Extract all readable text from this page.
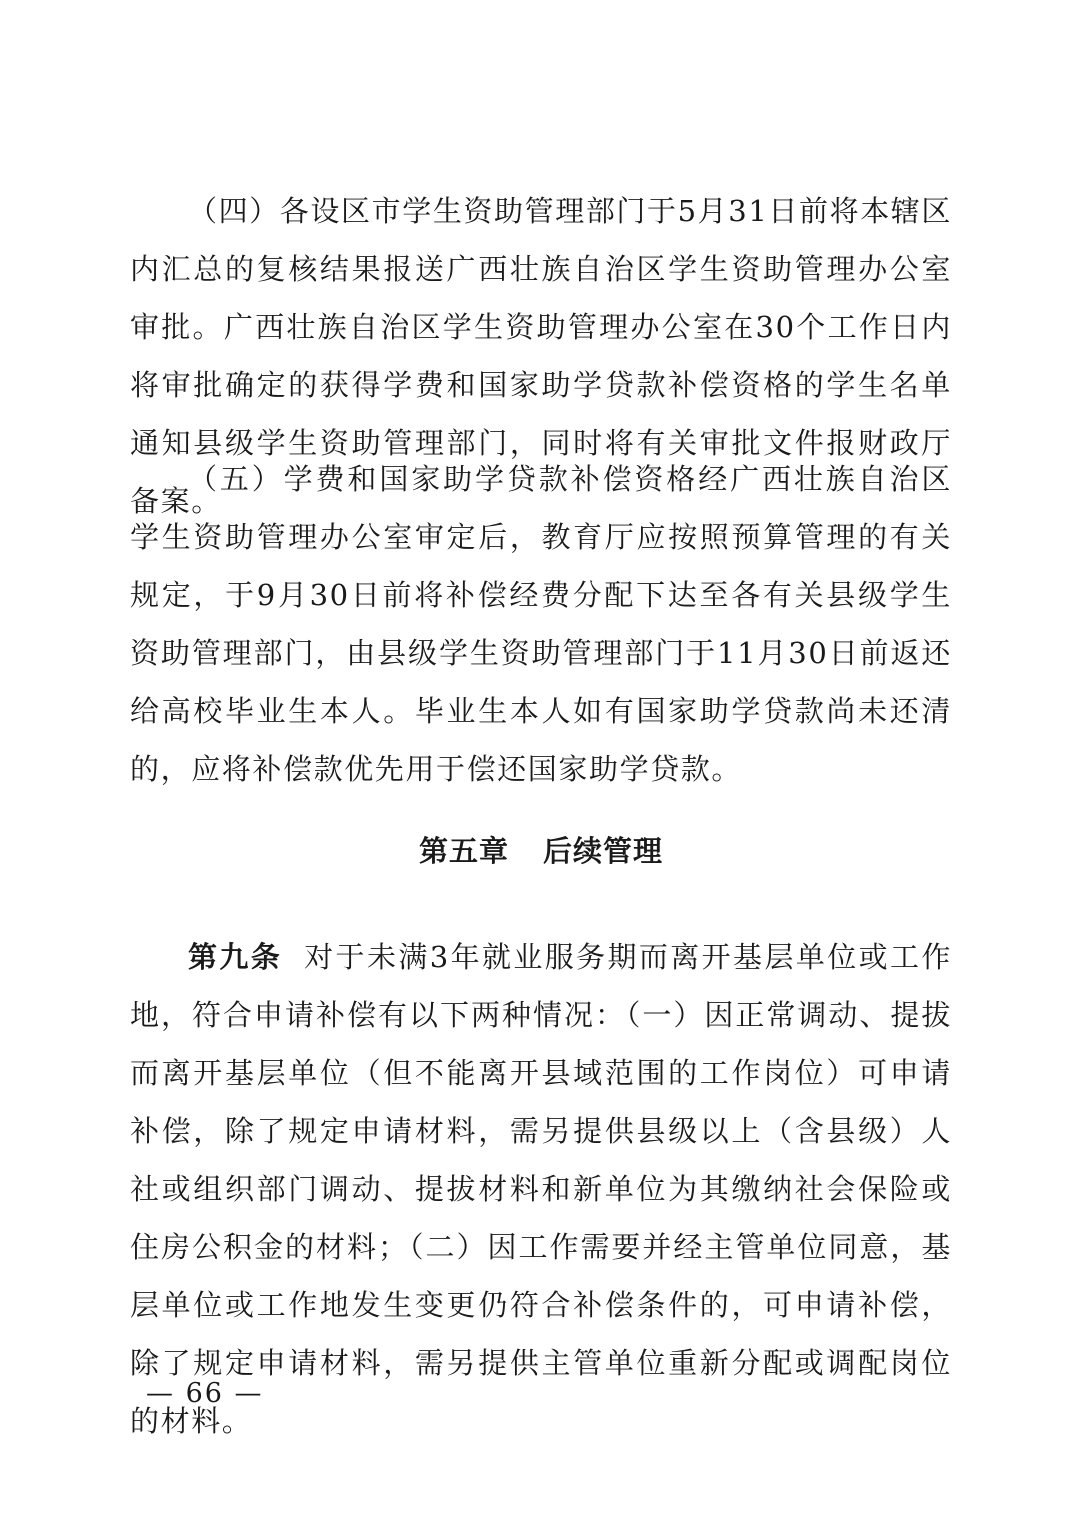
（四）各设区市学生资助管理部门于5月31日前将本辖区内汇总的复核结果报送广西壮族自治区学生资助管理办公室审批。广西壮族自治区学生资助管理办公室在30个工作日内将审批确定的获得学费和国家助学贷款补偿资格的学生名单通知县级学生资助管理部门，同时将有关审批文件报财政厅备案。

（五）学费和国家助学贷款补偿资格经广西壮族自治区学生资助管理办公室审定后，教育厅应按照预算管理的有关规定，于9月30日前将补偿经费分配下达至各有关县级学生资助管理部门，由县级学生资助管理部门于11月30日前返还给高校毕业生本人。毕业生本人如有国家助学贷款尚未还清的，应将补偿款优先用于偿还国家助学贷款。

第九条 对于未满3年就业服务期而离开基层单位或工作地，符合申请补偿有以下两种情况：（一）因正常调动、提拔而离开基层单位（但不能离开县域范围的工作岗位）可申请补偿，除了规定申请材料，需另提供县级以上（含县级）人社或组织部门调动、提拔材料和新单位为其缴纳社会保险或住房公积金的材料；（二）因工作需要并经主管单位同意，基层单位或工作地发生变更仍符合补偿条件的，可申请补偿，除了规定申请材料，需另提供主管单位重新分配或调配岗位的材料。

第五章 后续管理
— 66 —
